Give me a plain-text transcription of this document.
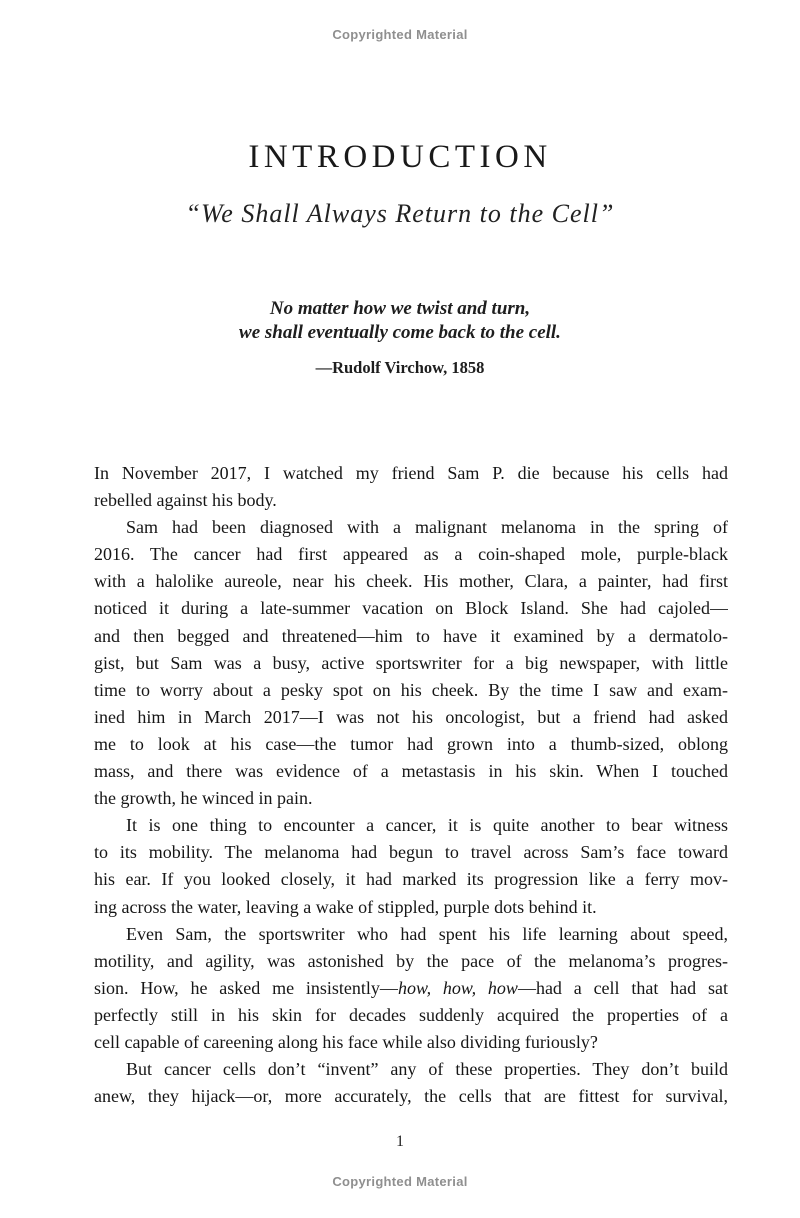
Copyrighted Material
INTRODUCTION
“We Shall Always Return to the Cell”
No matter how we twist and turn,
we shall eventually come back to the cell.
—Rudolf Virchow, 1858
In November 2017, I watched my friend Sam P. die because his cells had
rebelled against his body.
Sam had been diagnosed with a malignant melanoma in the spring of
2016. The cancer had first appeared as a coin-shaped mole, purple-black
with a halolike aureole, near his cheek. His mother, Clara, a painter, had first
noticed it during a late-summer vacation on Block Island. She had cajoled—
and then begged and threatened—him to have it examined by a dermatolo-
gist, but Sam was a busy, active sportswriter for a big newspaper, with little
time to worry about a pesky spot on his cheek. By the time I saw and exam-
ined him in March 2017—I was not his oncologist, but a friend had asked
me to look at his case—the tumor had grown into a thumb-sized, oblong
mass, and there was evidence of a metastasis in his skin. When I touched
the growth, he winced in pain.
It is one thing to encounter a cancer, it is quite another to bear witness
to its mobility. The melanoma had begun to travel across Sam’s face toward
his ear. If you looked closely, it had marked its progression like a ferry mov-
ing across the water, leaving a wake of stippled, purple dots behind it.
Even Sam, the sportswriter who had spent his life learning about speed,
motility, and agility, was astonished by the pace of the melanoma’s progres-
sion. How, he asked me insistently—how, how, how—had a cell that had sat
perfectly still in his skin for decades suddenly acquired the properties of a
cell capable of careening along his face while also dividing furiously?
But cancer cells don’t “invent” any of these properties. They don’t build
anew, they hijack—or, more accurately, the cells that are fittest for survival,
1
Copyrighted Material
